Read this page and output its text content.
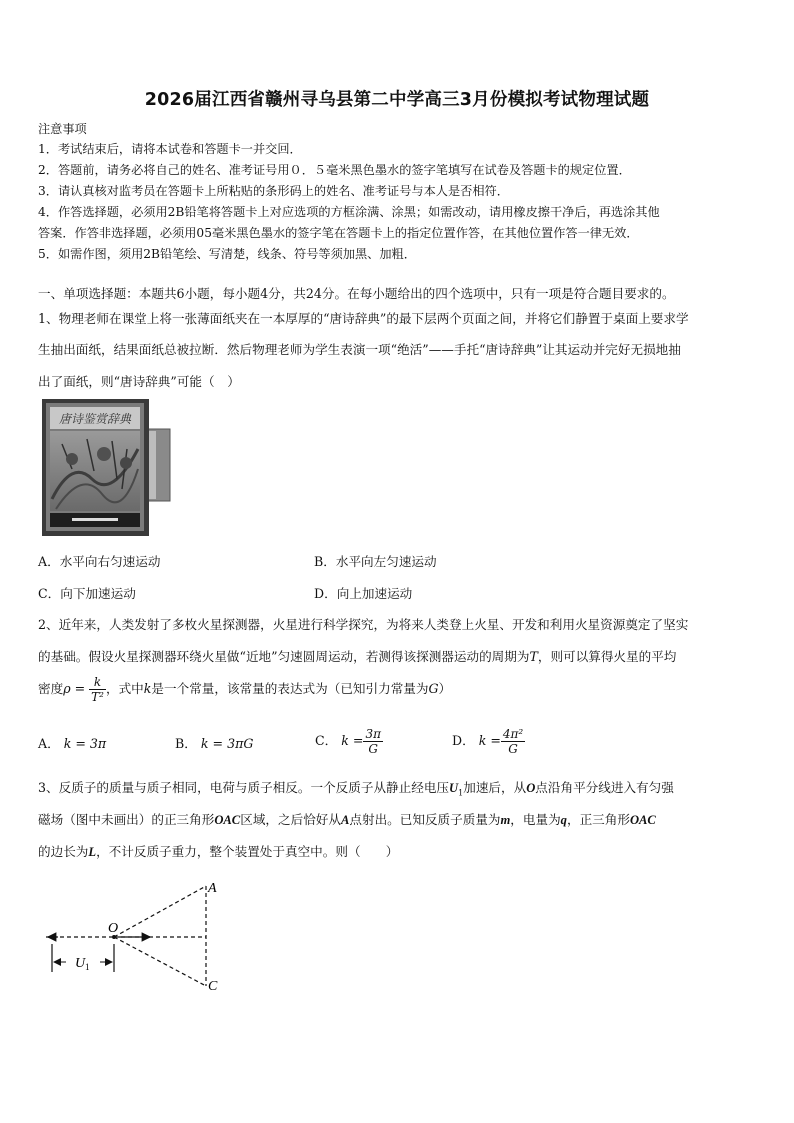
2026届江西省赣州寻乌县第二中学高三3月份模拟考试物理试题
注意事项
1．考试结束后，请将本试卷和答题卡一并交回．
2．答题前，请务必将自己的姓名、准考证号用０．５毫米黑色墨水的签字笔填写在试卷及答题卡的规定位置．
3．请认真核对监考员在答题卡上所粘贴的条形码上的姓名、准考证号与本人是否相符．
4．作答选择题，必须用2B铅笔将答题卡上对应选项的方框涂满、涂黑；如需改动，请用橡皮擦干净后，再选涂其他
答案．作答非选择题，必须用05毫米黑色墨水的签字笔在答题卡上的指定位置作答，在其他位置作答一律无效．
5．如需作图，须用2B铅笔绘、写清楚，线条、符号等须加黑、加粗．
一、单项选择题：本题共6小题，每小题4分，共24分。在每小题给出的四个选项中，只有一项是符合题目要求的。
1、物理老师在课堂上将一张薄面纸夹在一本厚厚的“唐诗辞典”的最下层两个页面之间，并将它们静置于桌面上要求学
生抽出面纸，结果面纸总被拉断．然后物理老师为学生表演一项“绝活”——手托“唐诗辞典”让其运动并完好无损地抽
出了面纸，则“唐诗辞典”可能（　）
唐诗鉴赏辞典
A．水平向右匀速运动	B．水平向左匀速运动
C．向下加速运动	D．向上加速运动
2、近年来，人类发射了多枚火星探测器，火星进行科学探究，为将来人类登上火星、开发和利用火星资源奠定了坚实
的基础。假设火星探测器环绕火星做“近地”匀速圆周运动，若测得该探测器运动的周期为T，则可以算得火星的平均
密度$\rho = \frac{k}{\text{T²}}$ ，式中k是一个常量，该常量的表达式为（已知引力常量为G）
A． k = 3π	B． k = 3πG	C． $k = \frac{3\pi}{G}$	D． $k = \frac{\text{4π²}}{G}$
3、反质子的质量与质子相同，电荷与质子相反。一个反质子从静止经电压$U_1$加速后，从O点沿角平分线进入有匀强
磁场（图中未画出）的正三角形OAC区域，之后恰好从A点射出。已知反质子质量为m，电量为q，正三角形OAC
的边长为L，不计反质子重力，整个装置处于真空中。则（　　）
A
O
C
U 1
